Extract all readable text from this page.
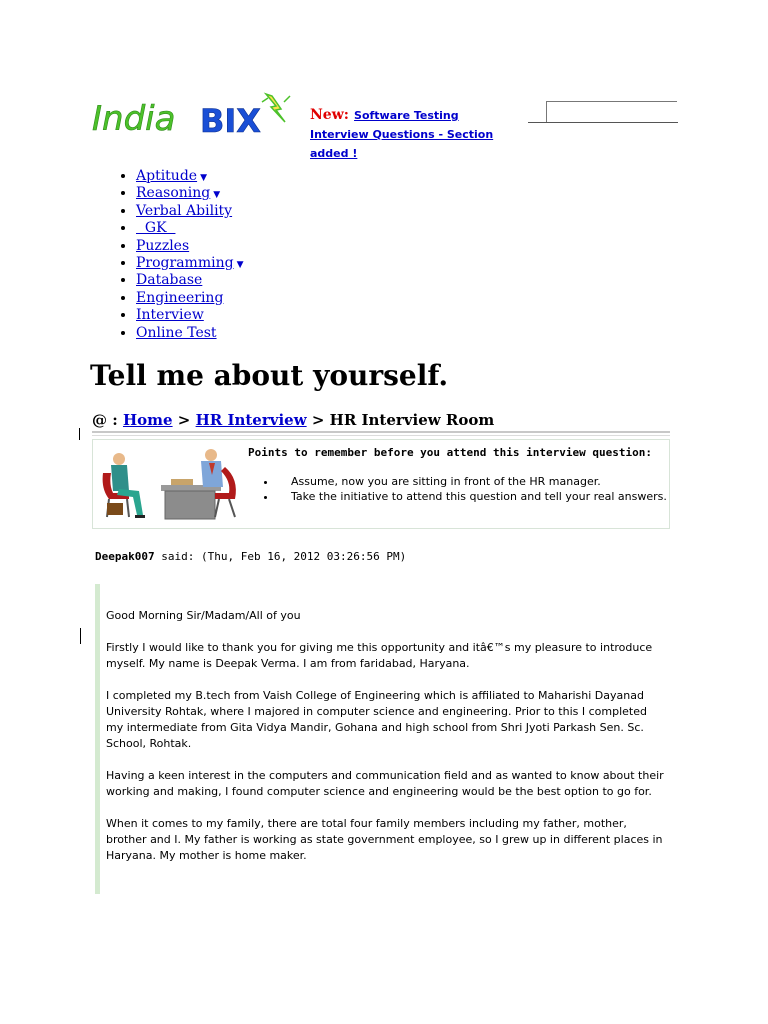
India BIX	New: Software Testing Interview Questions - Section added !
• Aptitude ▼
• Reasoning ▼
• Verbal Ability
•   GK
• Puzzles
• Programming ▼
• Database
• Engineering
• Interview
• Online Test
Tell me about yourself.
@ : Home > HR Interview > HR Interview Room
Points to remember before you attend this interview question:
• Assume, now you are sitting in front of the HR manager.
• Take the initiative to attend this question and tell your real answers.
Deepak007 said: (Thu, Feb 16, 2012 03:26:56 PM)

Good Morning Sir/Madam/All of you

Firstly I would like to thank you for giving me this opportunity and itâ€™s my pleasure to introduce myself. My name is Deepak Verma. I am from faridabad, Haryana.

I completed my B.tech from Vaish College of Engineering which is affiliated to Maharishi Dayanad University Rohtak, where I majored in computer science and engineering. Prior to this I completed my intermediate from Gita Vidya Mandir, Gohana and high school from Shri Jyoti Parkash Sen. Sc. School, Rohtak.

Having a keen interest in the computers and communication field and as wanted to know about their working and making, I found computer science and engineering would be the best option to go for.

When it comes to my family, there are total four family members including my father, mother, brother and I. My father is working as state government employee, so I grew up in different places in Haryana. My mother is home maker.
